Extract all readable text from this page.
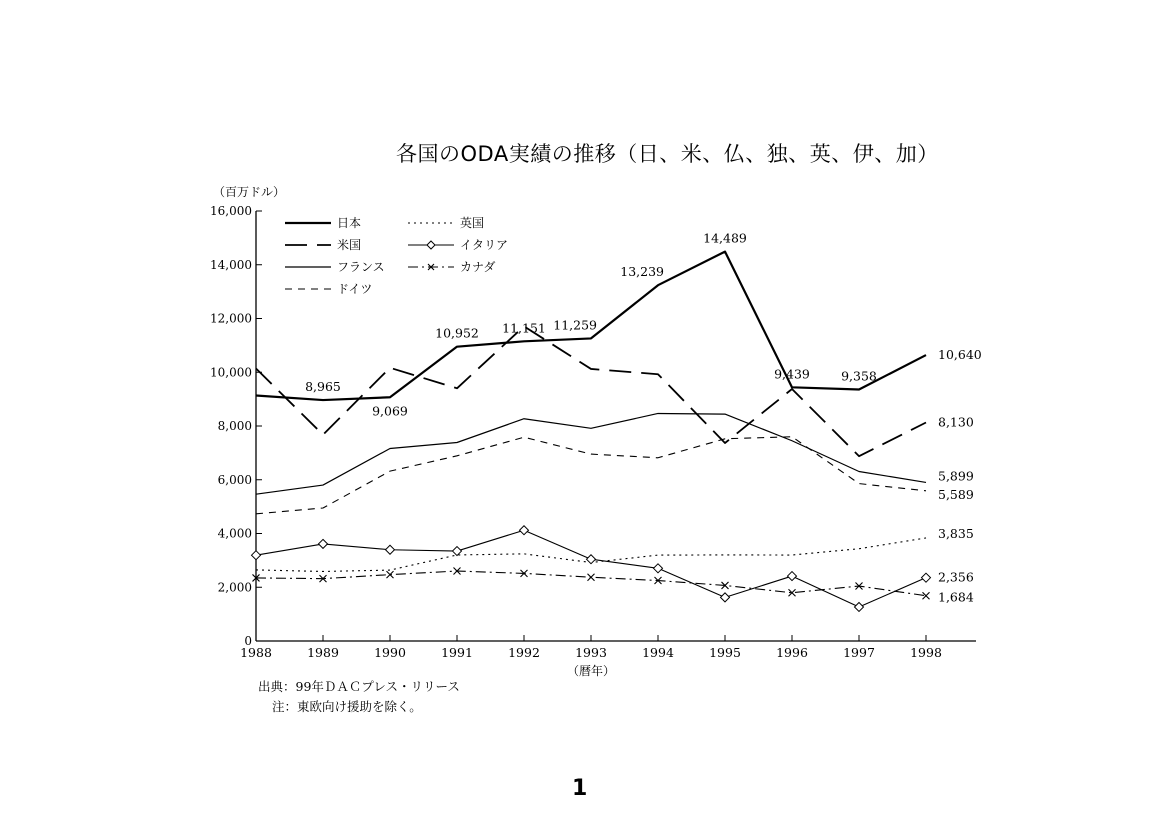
各国のODA実績の推移（日、米、仏、独、英、伊、加）
（百万ドル）
0
2,000
4,000
6,000
8,000
10,000
12,000
14,000
16,000
1988	1989	1990	1991	1992	1993	1994	1995	1996	1997	1998
（暦年）
8,965
9,069
10,952 11,151 11,259
13,239
14,489
9,439 9,358
10,640
8,130
5,899
5,589
3,835
2,356
1,684
日本
米国
フランス
ドイツ
英国
イタリア
カナダ
出典：99年ＤＡＣプレス・リリース
注：東欧向け援助を除く。
1
